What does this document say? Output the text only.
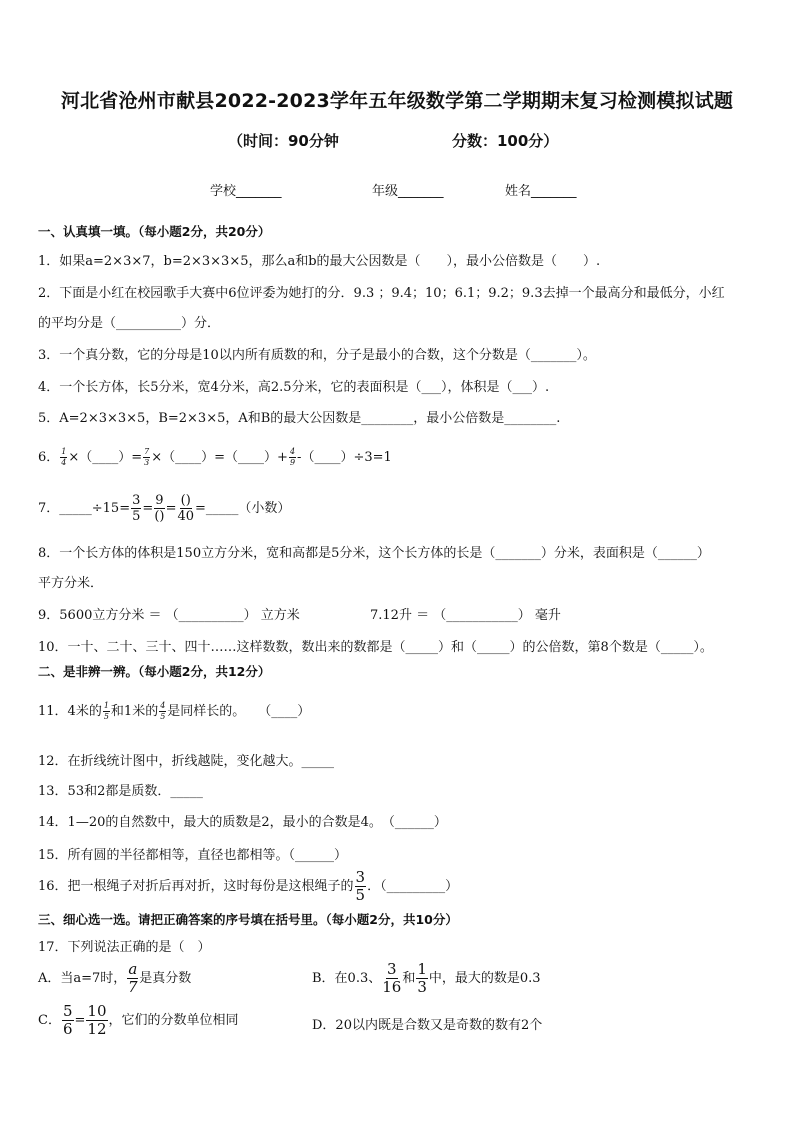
河北省沧州市献县2022-2023学年五年级数学第二学期期末复习检测模拟试题
（时间：90分钟	分数：100分）
学校_______	年级_______	姓名_______
一、认真填一填。（每小题2分，共20分）
1．如果a=2×3×7，b=2×3×3×5，那么a和b的最大公因数是（　　），最小公倍数是（　　）.
2．下面是小红在校园歌手大赛中6位评委为她打的分．9.3 ；9.4；10；6.1；9.2；9.3去掉一个最高分和最低分，小红
的平均分是（__________）分．
3．一个真分数，它的分母是10以内所有质数的和，分子是最小的合数，这个分数是（_______）。
4．一个长方体，长5分米，宽4分米，高2.5分米，它的表面积是（___），体积是（___）.
5．A=2×3×3×5，B=2×3×5，A和B的最大公因数是________，最小公倍数是________.
6． $\frac{1}{4}$ ×（____）= $\frac{7}{3}$ ×（____）=（____）+ $\frac{4}{9}$ -（____）÷3=1
7．_____÷15= $\frac{3}{5} = \frac{9}{()} = \frac{()}{40}$ =_____（小数）
8．一个长方体的体积是150立方分米，宽和高都是5分米，这个长方体的长是（_______）分米，表面积是（______）
平方分米．
9．5600立方分米 ＝ （__________） 立方米	7.12升 ＝ （___________） 毫升
10．一十、二十、三十、四十……这样数数，数出来的数都是（_____）和（_____）的公倍数，第8个数是（_____）。
二、是非辨一辨。（每小题2分，共12分）
11．4米的 $\frac{1}{5}$ 和1米的 $\frac{4}{5}$ 是同样长的。　　（____）
12．在折线统计图中，折线越陡，变化越大。_____
13．53和2都是质数．_____
14．1—20的自然数中，最大的质数是2，最小的合数是4。　（______）
15．所有圆的半径都相等，直径也都相等。（______）
16．把一根绳子对折后再对折，这时每份是这根绳子的 $\frac{3}{5}$ ．（_________）
三、细心选一选。请把正确答案的序号填在括号里。（每小题2分，共10分）
17．下列说法正确的是（　）
A．当a=7时， $\frac{a}{7}$ 是真分数	B．在0.3、 $\frac{3}{16}$ 和 $\frac{1}{3}$ 中，最大的数是0.3
C． $\frac{5}{6} = \frac{10}{12}$ ，它们的分数单位相同	D．20以内既是合数又是奇数的数有2个
